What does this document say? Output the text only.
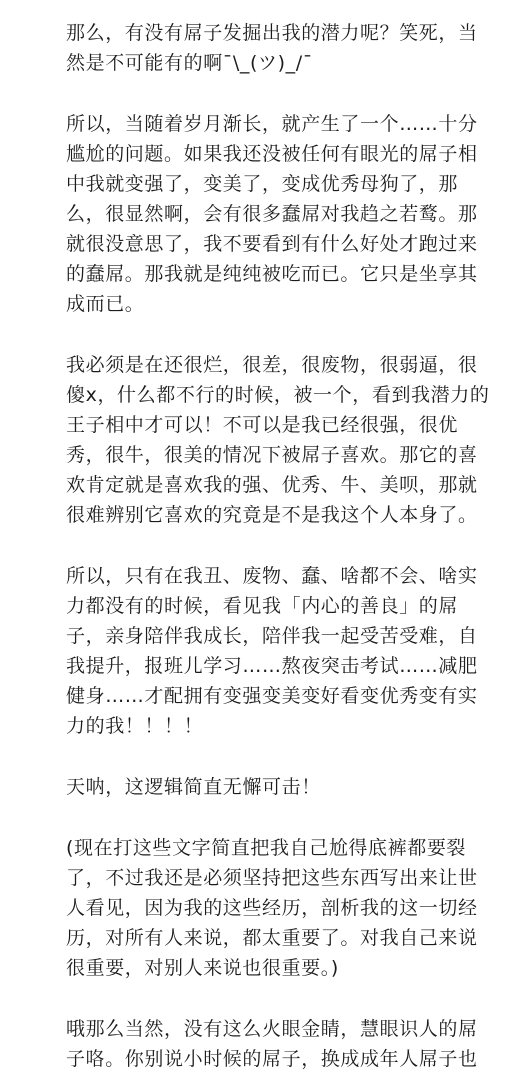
那么，有没有屌子发掘出我的潜力呢？笑死，当然是不可能有的啊¯\_(ツ)_/¯

所以，当随着岁月渐长，就产生了一个……十分尴尬的问题。如果我还没被任何有眼光的屌子相中我就变强了，变美了，变成优秀母狗了，那么，很显然啊，会有很多蠢屌对我趋之若鹜。那就很没意思了，我不要看到有什么好处才跑过来的蠢屌。那我就是纯纯被吃而已。它只是坐享其成而已。

我必须是在还很烂，很差，很废物，很弱逼，很傻x，什么都不行的时候，被一个，看到我潜力的王子相中才可以！不可以是我已经很强，很优秀，很牛，很美的情况下被屌子喜欢。那它的喜欢肯定就是喜欢我的强、优秀、牛、美呗，那就很难辨别它喜欢的究竟是不是我这个人本身了。

所以，只有在我丑、废物、蠢、啥都不会、啥实力都没有的时候，看见我「内心的善良」的屌子，亲身陪伴我成长，陪伴我一起受苦受难，自我提升，报班儿学习……熬夜突击考试……减肥健身……才配拥有变强变美变好看变优秀变有实力的我！！！！

天呐，这逻辑简直无懈可击！

(现在打这些文字简直把我自己尬得底裤都要裂了，不过我还是必须坚持把这些东西写出来让世人看见，因为我的这些经历，剖析我的这一切经历，对所有人来说，都太重要了。对我自己来说很重要，对别人来说也很重要。)

哦那么当然，没有这么火眼金睛，慧眼识人的屌子咯。你别说小时候的屌子，换成成年人屌子也
